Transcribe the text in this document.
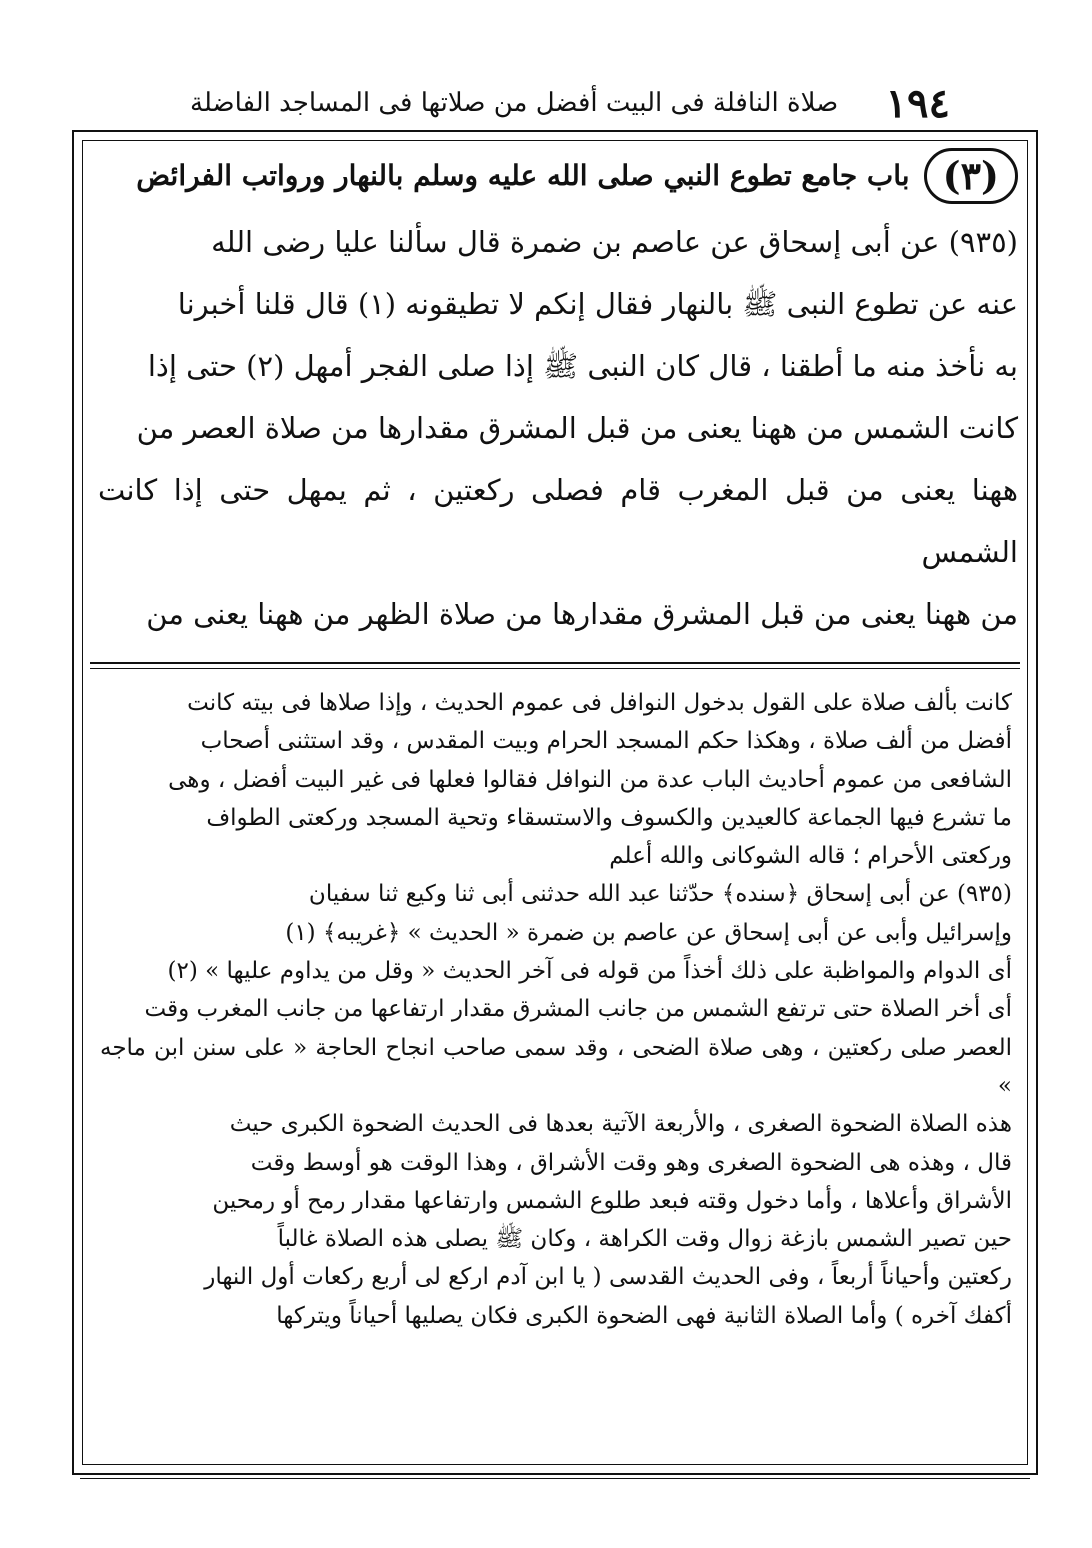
١٩٤
صلاة النافلة فى البيت أفضل من صلاتها فى المساجد الفاضلة
(٣)
باب جامع تطوع النبي صلى الله عليه وسلم بالنهار ورواتب الفرائض
(٩٣٥) عن أبى إسحاق عن عاصم بن ضمرة قال سألنا عليا رضى الله
عنه عن تطوع النبى ﷺ بالنهار فقال إنكم لا تطيقونه (١) قال قلنا أخبرنا
به نأخذ منه ما أطقنا ، قال كان النبى ﷺ إذا صلى الفجر أمهل (٢) حتى إذا
كانت الشمس من ههنا يعنى من قبل المشرق مقدارها من صلاة العصر من
ههنا يعنى من قبل المغرب قام فصلى ركعتين ، ثم يمهل حتى إذا كانت الشمس
من ههنا يعنى من قبل المشرق مقدارها من صلاة الظهر من ههنا يعنى من

كانت بألف صلاة على القول بدخول النوافل فى عموم الحديث ، وإذا صلاها فى بيته كانت

أفضل من ألف صلاة ، وهكذا حكم المسجد الحرام وبيت المقدس ، وقد استثنى أصحاب

الشافعى من عموم أحاديث الباب عدة من النوافل فقالوا فعلها فى غير البيت أفضل ، وهى

ما تشرع فيها الجماعة كالعيدين والكسوف والاستسقاء وتحية المسجد وركعتى الطواف

وركعتى الأحرام ؛ قاله الشوكانى والله أعلم

(٩٣٥) عن أبى إسحاق ﴿سنده﴾ حدّثنا عبد الله حدثنى أبى ثنا وكيع ثنا سفيان

وإسرائيل وأبى عن أبى إسحاق عن عاصم بن ضمرة « الحديث » ﴿غريبه﴾ (١)

أى الدوام والمواظبة على ذلك أخذاً من قوله فى آخر الحديث « وقل من يداوم عليها » (٢)

أى أخر الصلاة حتى ترتفع الشمس من جانب المشرق مقدار ارتفاعها من جانب المغرب وقت

العصر صلى ركعتين ، وهى صلاة الضحى ، وقد سمى صاحب انجاح الحاجة « على سنن ابن ماجه »

هذه الصلاة الضحوة الصغرى ، والأربعة الآتية بعدها فى الحديث الضحوة الكبرى حيث

قال ، وهذه هى الضحوة الصغرى وهو وقت الأشراق ، وهذا الوقت هو أوسط وقت

الأشراق وأعلاها ، وأما دخول وقته فبعد طلوع الشمس وارتفاعها مقدار رمح أو رمحين

حين تصير الشمس بازغة زوال وقت الكراهة ، وكان ﷺ يصلى هذه الصلاة غالباً

ركعتين وأحياناً أربعاً ، وفى الحديث القدسى ( يا ابن آدم اركع لى أربع ركعات أول النهار

أكفك آخره ) وأما الصلاة الثانية فهى الضحوة الكبرى فكان يصليها أحياناً ويتركها
